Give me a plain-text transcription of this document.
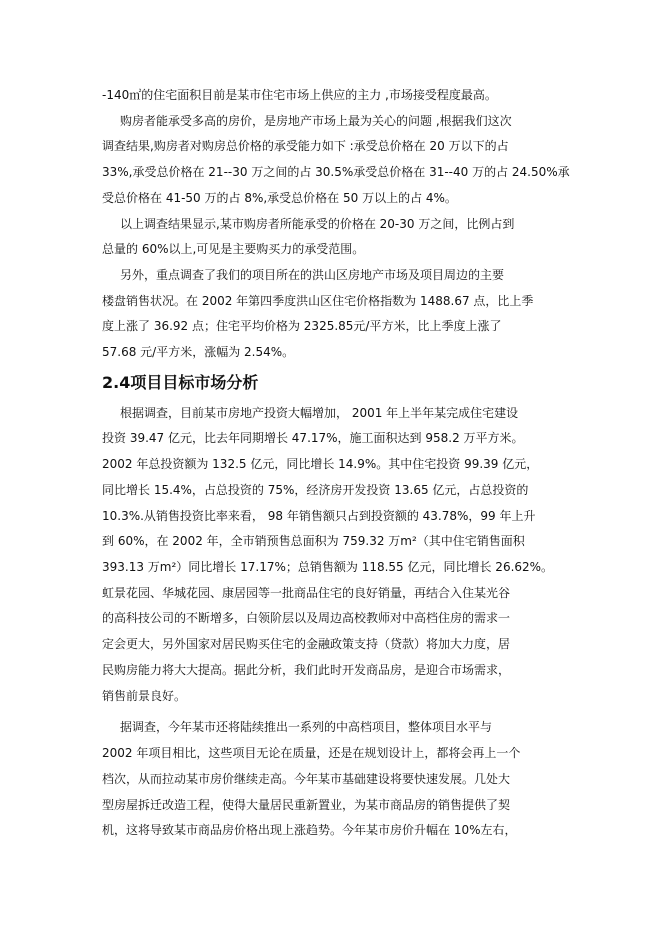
-140㎡的住宅面积目前是某市住宅市场上供应的主力 ,市场接受程度最高。
购房者能承受多高的房价，是房地产市场上最为关心的问题 ,根据我们这次
调查结果,购房者对购房总价格的承受能力如下 :承受总价格在 20 万以下的占
33%,承受总价格在 21--30 万之间的占 30.5%承受总价格在 31--40 万的占 24.50%承
受总价格在 41-50 万的占 8%,承受总价格在 50 万以上的占 4%。
以上调查结果显示,某市购房者所能承受的价格在 20-30 万之间，比例占到
总量的 60%以上,可见是主要购买力的承受范围。
另外，重点调查了我们的项目所在的洪山区房地产市场及项目周边的主要
楼盘销售状况。在 2002 年第四季度洪山区住宅价格指数为 1488.67 点，比上季
度上涨了 36.92 点；住宅平均价格为 2325.85元/平方米，比上季度上涨了
57.68 元/平方米，涨幅为 2.54%。
2.4项目目标市场分析
根据调查，目前某市房地产投资大幅增加， 2001 年上半年某完成住宅建设
投资 39.47 亿元，比去年同期增长 47.17%，施工面积达到 958.2 万平方米。
2002 年总投资额为 132.5 亿元，同比增长 14.9%。其中住宅投资 99.39 亿元，
同比增长 15.4%，占总投资的 75%，经济房开发投资 13.65 亿元，占总投资的
10.3%.从销售投资比率来看， 98 年销售额只占到投资额的 43.78%，99 年上升
到 60%，在 2002 年，全市销预售总面积为 759.32 万m²（其中住宅销售面积
393.13 万m²）同比增长 17.17%；总销售额为 118.55 亿元，同比增长 26.62%。
虹景花园、华城花园、康居园等一批商品住宅的良好销量，再结合入住某光谷
的高科技公司的不断增多，白领阶层以及周边高校教师对中高档住房的需求一
定会更大，另外国家对居民购买住宅的金融政策支持（贷款）将加大力度，居
民购房能力将大大提高。据此分析，我们此时开发商品房，是迎合市场需求，
销售前景良好。
据调查，今年某市还将陆续推出一系列的中高档项目，整体项目水平与
2002 年项目相比，这些项目无论在质量，还是在规划设计上，都将会再上一个
档次，从而拉动某市房价继续走高。今年某市基础建设将要快速发展。几处大
型房屋拆迁改造工程，使得大量居民重新置业，为某市商品房的销售提供了契
机，这将导致某市商品房价格出现上涨趋势。今年某市房价升幅在 10%左右，
